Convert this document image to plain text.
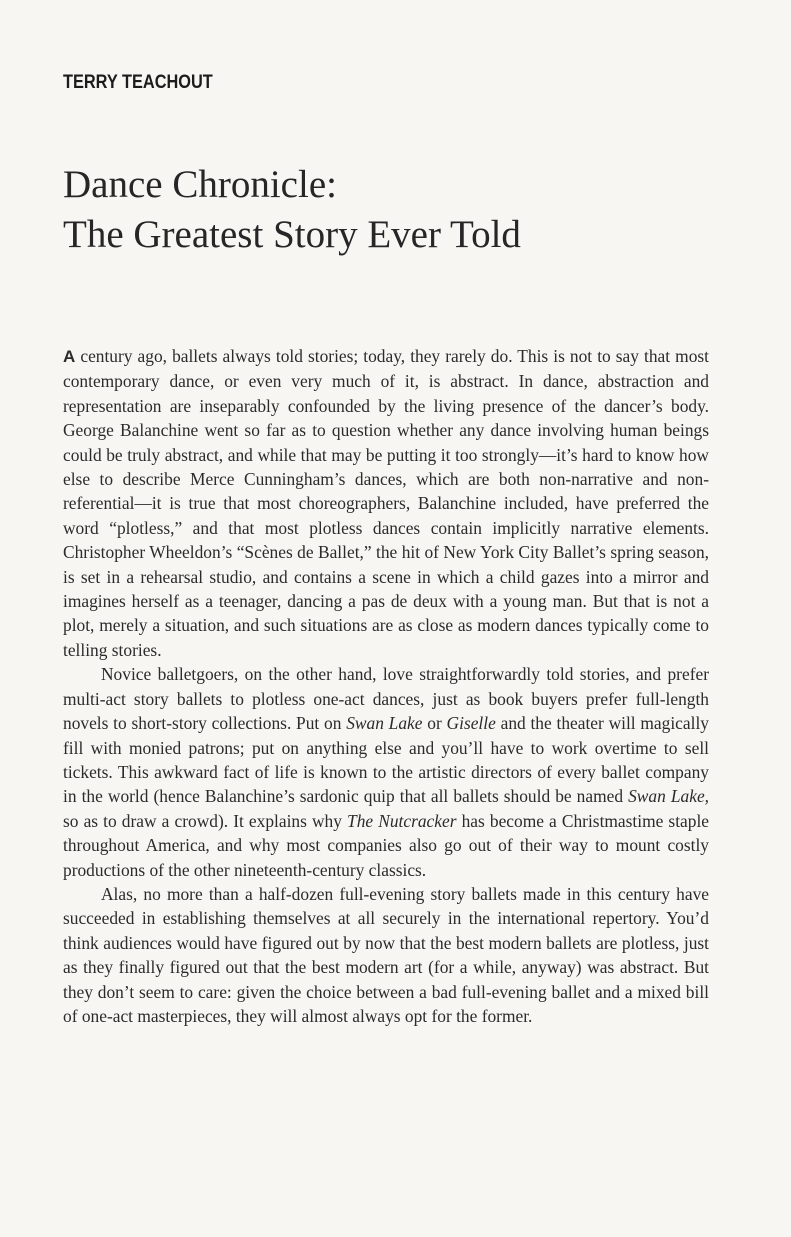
TERRY TEACHOUT
Dance Chronicle:
The Greatest Story Ever Told

A century ago, ballets always told stories; today, they rarely do. This is not to say that most contemporary dance, or even very much of it, is abstract. In dance, abstraction and representation are inseparably confounded by the living presence of the dancer’s body. George Balanchine went so far as to question whether any dance involving human beings could be truly abstract, and while that may be putting it too strongly—it’s hard to know how else to describe Merce Cunningham’s dances, which are both non-narrative and non-referential—it is true that most choreographers, Balanchine included, have preferred the word “plotless,” and that most plotless dances contain implicitly narrative elements. Christopher Wheeldon’s “Scènes de Ballet,” the hit of New York City Ballet’s spring season, is set in a rehearsal studio, and contains a scene in which a child gazes into a mirror and imagines herself as a teenager, dancing a pas de deux with a young man. But that is not a plot, merely a situation, and such situations are as close as modern dances typically come to telling stories.

Novice balletgoers, on the other hand, love straightforwardly told stories, and prefer multi-act story ballets to plotless one-act dances, just as book buyers prefer full-length novels to short-story collections. Put on Swan Lake or Giselle and the theater will magically fill with monied patrons; put on anything else and you’ll have to work overtime to sell tickets. This awkward fact of life is known to the artistic directors of every ballet company in the world (hence Balanchine’s sardonic quip that all ballets should be named Swan Lake, so as to draw a crowd). It explains why The Nutcracker has become a Christmastime staple throughout America, and why most companies also go out of their way to mount costly productions of the other nineteenth-century classics.

Alas, no more than a half-dozen full-evening story ballets made in this century have succeeded in establishing themselves at all securely in the international repertory. You’d think audiences would have figured out by now that the best modern ballets are plotless, just as they finally figured out that the best modern art (for a while, anyway) was abstract. But they don’t seem to care: given the choice between a bad full-evening ballet and a mixed bill of one-act masterpieces, they will almost always opt for the former.
